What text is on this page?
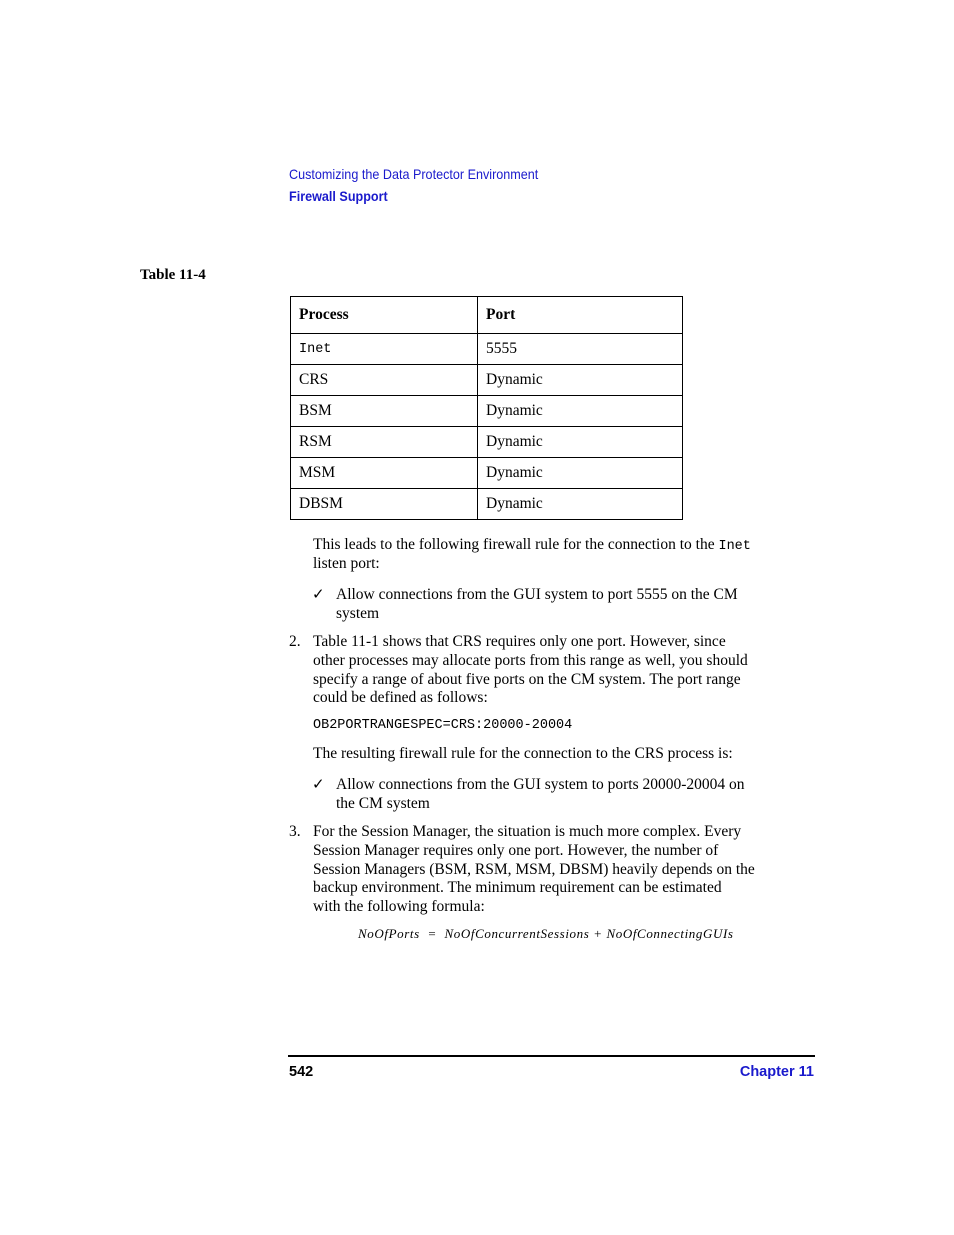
Customizing the Data Protector Environment
Firewall Support
Table 11-4
Process	Port
Inet	5555
CRS	Dynamic
BSM	Dynamic
RSM	Dynamic
MSM	Dynamic
DBSM	Dynamic
This leads to the following firewall rule for the connection to the Inet
listen port:
✓ Allow connections from the GUI system to port 5555 on the CM
system
2. Table 11-1 shows that CRS requires only one port. However, since
other processes may allocate ports from this range as well, you should
specify a range of about five ports on the CM system. The port range
could be defined as follows:
OB2PORTRANGESPEC=CRS:20000-20004
The resulting firewall rule for the connection to the CRS process is:
✓ Allow connections from the GUI system to ports 20000-20004 on
the CM system
3. For the Session Manager, the situation is much more complex. Every
Session Manager requires only one port. However, the number of
Session Managers (BSM, RSM, MSM, DBSM) heavily depends on the
backup environment. The minimum requirement can be estimated
with the following formula:
NoOfPorts  =  NoOfConcurrentSessions + NoOfConnectingGUIs
542	Chapter 11
